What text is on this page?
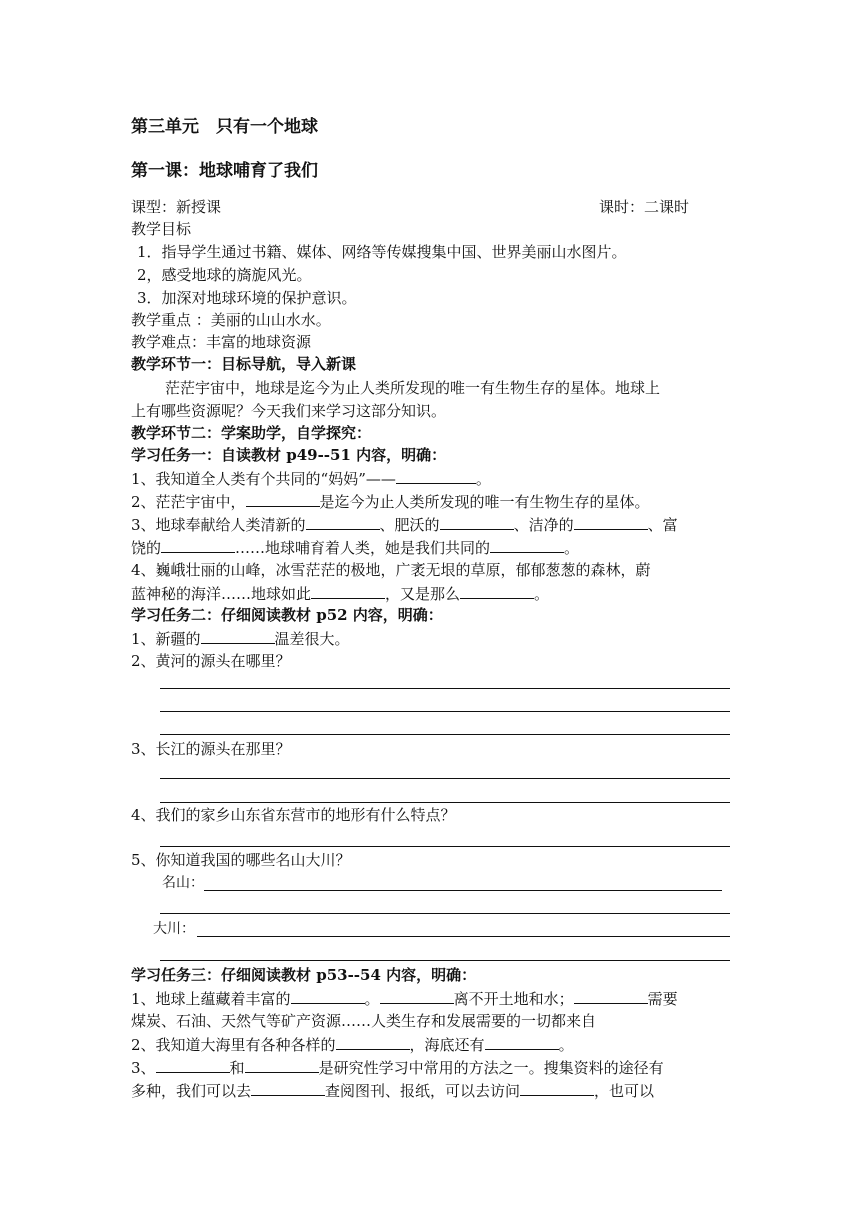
第三单元　只有一个地球
第一课：地球哺育了我们
课型：新授课	课时：二课时
教学目标
1．指导学生通过书籍、媒体、网络等传媒搜集中国、世界美丽山水图片。
2，感受地球的旖旎风光。
3．加深对地球环境的保护意识。
教学重点 ：美丽的山山水水。
教学难点：丰富的地球资源
教学环节一：目标导航，导入新课
茫茫宇宙中，地球是迄今为止人类所发现的唯一有生物生存的星体。地球上
上有哪些资源呢？今天我们来学习这部分知识。
教学环节二：学案助学，自学探究：
学习任务一：自读教材 p49--51 内容，明确：
1、我知道全人类有个共同的“妈妈”——	。
2、茫茫宇宙中，	是迄今为止人类所发现的唯一有生物生存的星体。
3、地球奉献给人类清新的	、肥沃的	、洁净的	、富
饶的	……地球哺育着人类，她是我们共同的	。
4、巍峨壮丽的山峰，冰雪茫茫的极地，广袤无垠的草原，郁郁葱葱的森林，蔚
蓝神秘的海洋……地球如此	，又是那么	。
学习任务二：仔细阅读教材 p52 内容，明确：
1、新疆的	温差很大。
2、黄河的源头在哪里？
3、长江的源头在那里？
4、我们的家乡山东省东营市的地形有什么特点？
5、你知道我国的哪些名山大川？
名山：
大川：
学习任务三：仔细阅读教材 p53--54 内容，明确：
1、地球上蕴藏着丰富的	。	离不开土地和水；	需要
煤炭、石油、天然气等矿产资源……人类生存和发展需要的一切都来自
2、我知道大海里有各种各样的	，海底还有	。
3、	和	是研究性学习中常用的方法之一。搜集资料的途径有
多种，我们可以去	查阅图刊、报纸，可以去访问	，也可以
